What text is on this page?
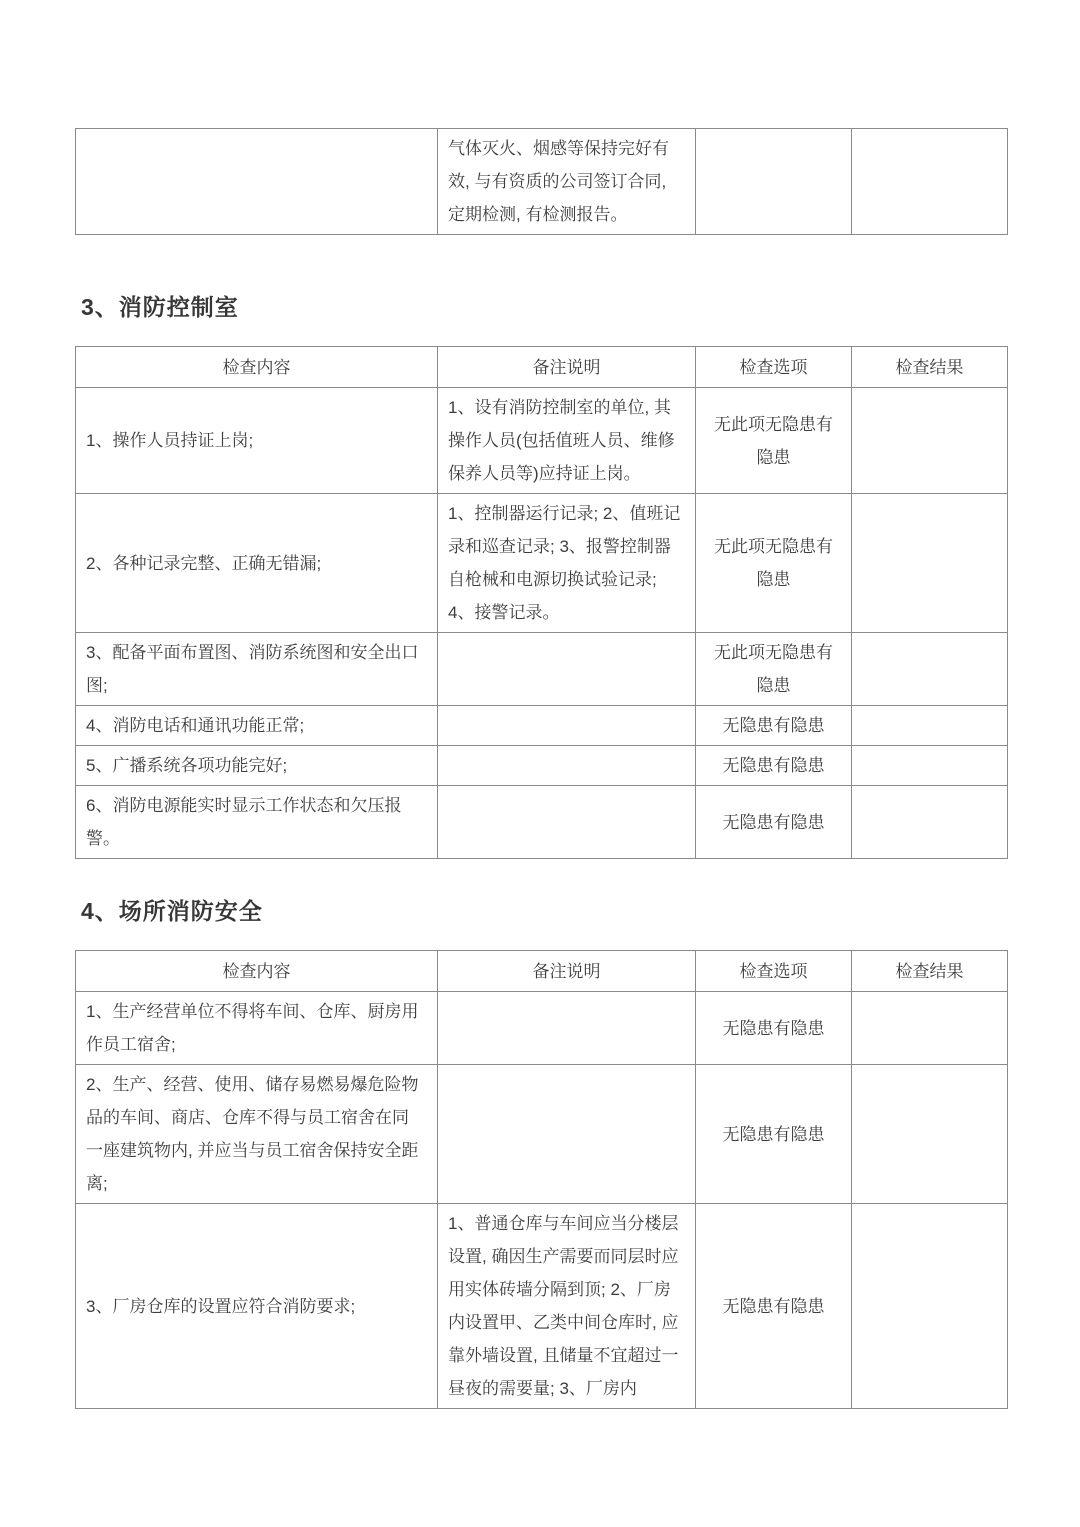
	气体灭火、烟感等保持完好有效, 与有资质的公司签订合同, 定期检测, 有检测报告。		
3、消防控制室
检查内容	备注说明	检查选项	检查结果
1、操作人员持证上岗;	1、设有消防控制室的单位, 其操作人员(包括值班人员、维修保养人员等)应持证上岗。	无此项无隐患有隐患	
2、各种记录完整、正确无错漏;	1、控制器运行记录; 2、值班记录和巡查记录; 3、报警控制器自枪械和电源切换试验记录; 4、接警记录。	无此项无隐患有隐患	
3、配备平面布置图、消防系统图和安全出口图;		无此项无隐患有隐患	
4、消防电话和通讯功能正常;		无隐患有隐患	
5、广播系统各项功能完好;		无隐患有隐患	
6、消防电源能实时显示工作状态和欠压报警。		无隐患有隐患	
4、场所消防安全
检查内容	备注说明	检查选项	检查结果
1、生产经营单位不得将车间、仓库、厨房用作员工宿舍;		无隐患有隐患	
2、生产、经营、使用、储存易燃易爆危险物品的车间、商店、仓库不得与员工宿舍在同一座建筑物内, 并应当与员工宿舍保持安全距离;		无隐患有隐患	
3、厂房仓库的设置应符合消防要求;	1、普通仓库与车间应当分楼层设置, 确因生产需要而同层时应用实体砖墙分隔到顶; 2、厂房内设置甲、乙类中间仓库时, 应靠外墙设置, 且储量不宜超过一昼夜的需要量; 3、厂房内	无隐患有隐患	
